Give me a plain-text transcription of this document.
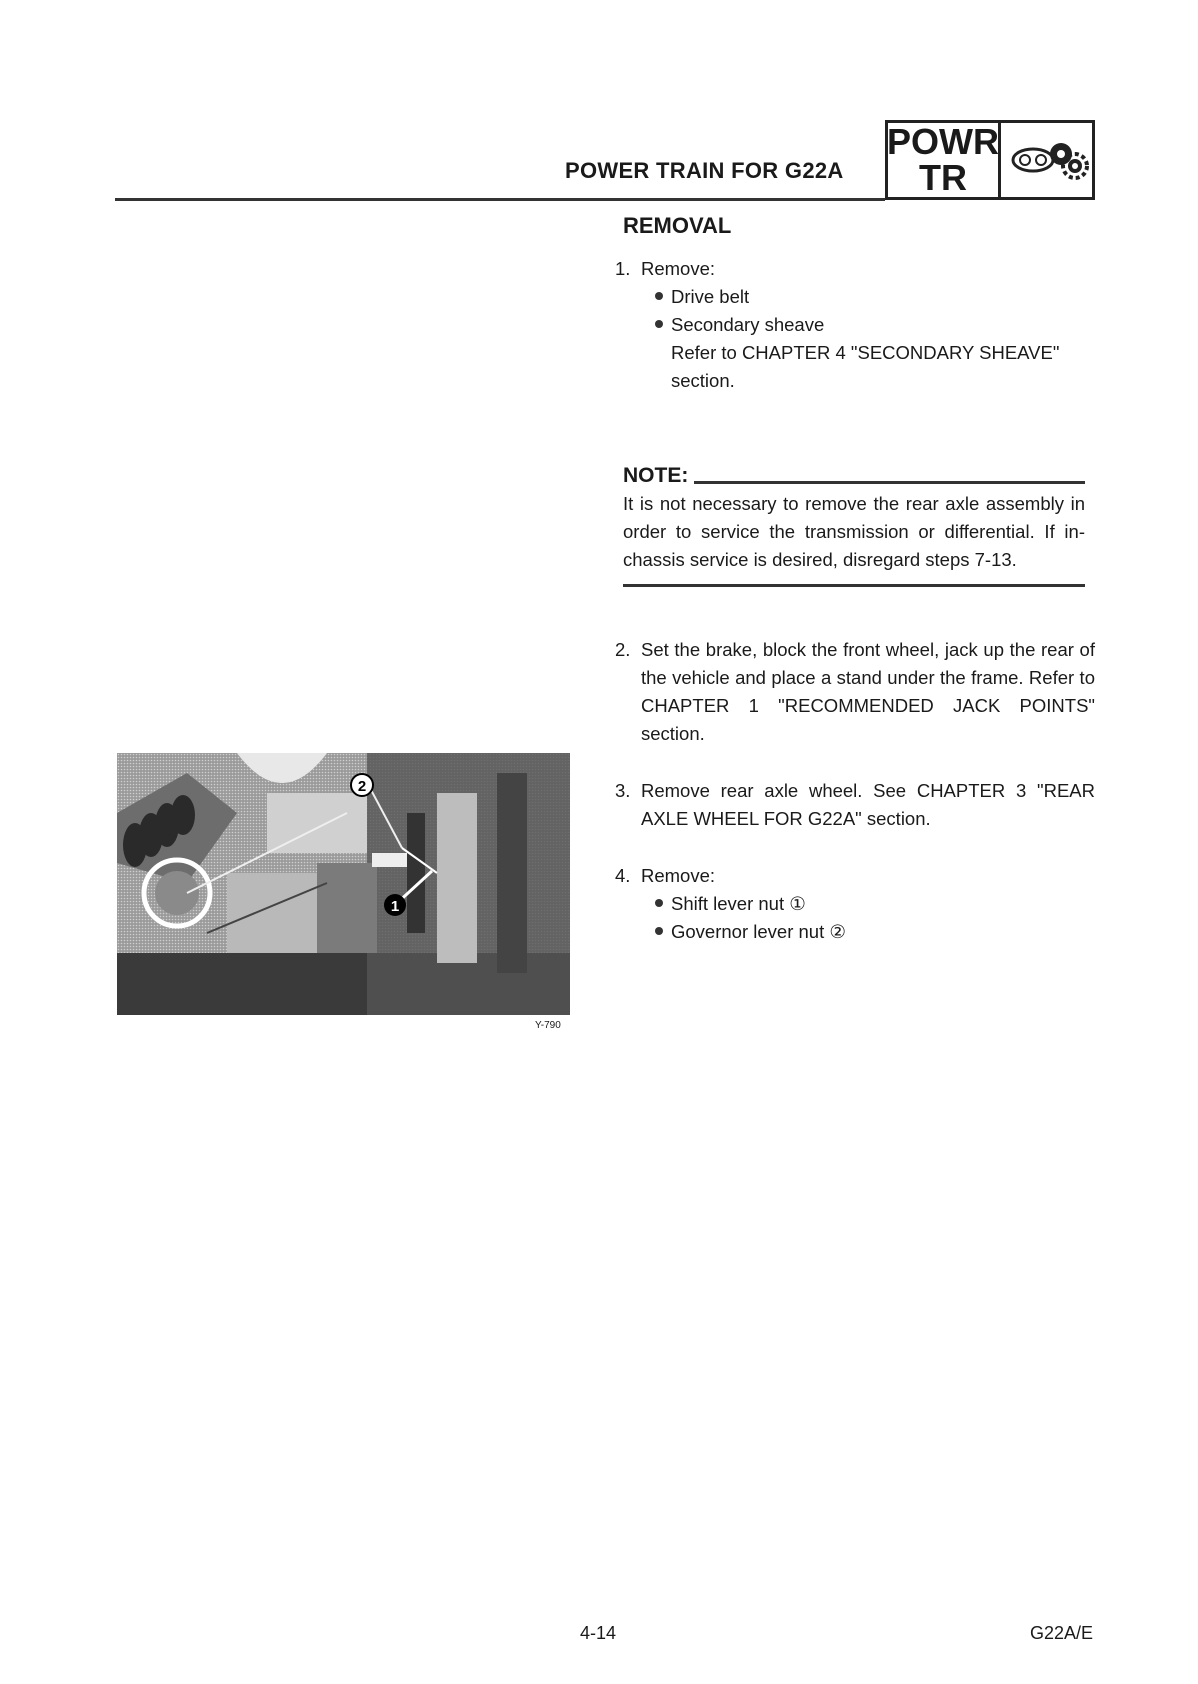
POWER TRAIN FOR G22A
POWR
TR
REMOVAL
1. Remove:
Drive belt
Secondary sheave
Refer to CHAPTER 4 "SECONDARY SHEAVE"
section.
NOTE:
It is not necessary to remove the rear axle assembly in order to service the transmission or differential. If in-chassis service is desired, disregard steps 7-13.
2. Set the brake, block the front wheel, jack up the rear of the vehicle and place a stand under the frame. Refer to CHAPTER 1 "RECOMMENDED JACK POINTS" section.
3. Remove rear axle wheel. See CHAPTER 3 "REAR AXLE WHEEL FOR G22A" section.
4. Remove:
Shift lever nut ①
Governor lever nut ②
1
2
Y-790
4-14	G22A/E
